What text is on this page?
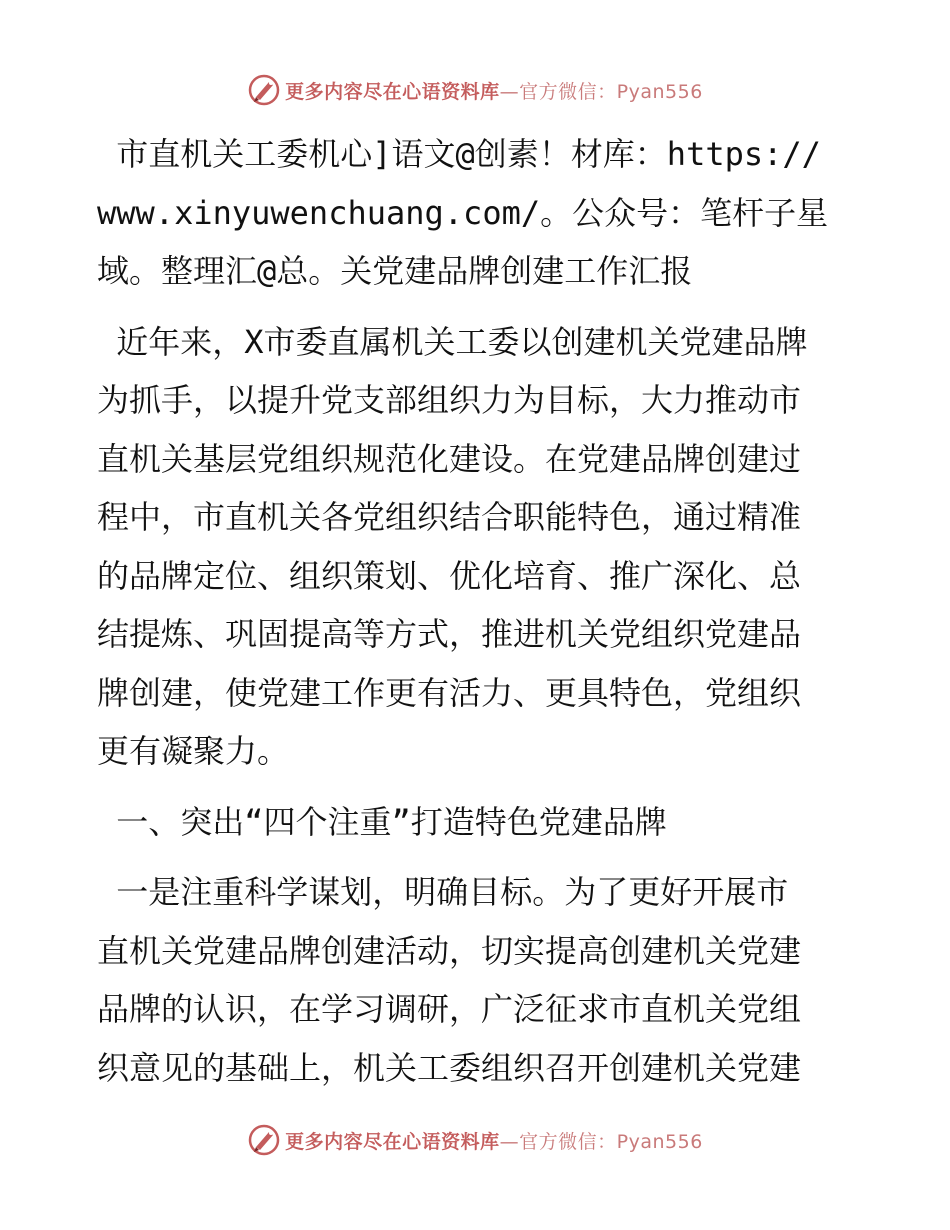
更多内容尽在心语资料库—官方微信：Pyan556

市直机关工委机心]语文@创素！材库：https://
www.xinyuwenchuang.com/。公众号：笔杆子星
域。整理汇@总。关党建品牌创建工作汇报

近年来，X市委直属机关工委以创建机关党建品牌
为抓手，以提升党支部组织力为目标，大力推动市
直机关基层党组织规范化建设。在党建品牌创建过
程中，市直机关各党组织结合职能特色，通过精准
的品牌定位、组织策划、优化培育、推广深化、总
结提炼、巩固提高等方式，推进机关党组织党建品
牌创建，使党建工作更有活力、更具特色，党组织
更有凝聚力。

一、突出“四个注重”打造特色党建品牌

一是注重科学谋划，明确目标。为了更好开展市
直机关党建品牌创建活动，切实提高创建机关党建
品牌的认识，在学习调研，广泛征求市直机关党组
织意见的基础上，机关工委组织召开创建机关党建

更多内容尽在心语资料库—官方微信：Pyan556
